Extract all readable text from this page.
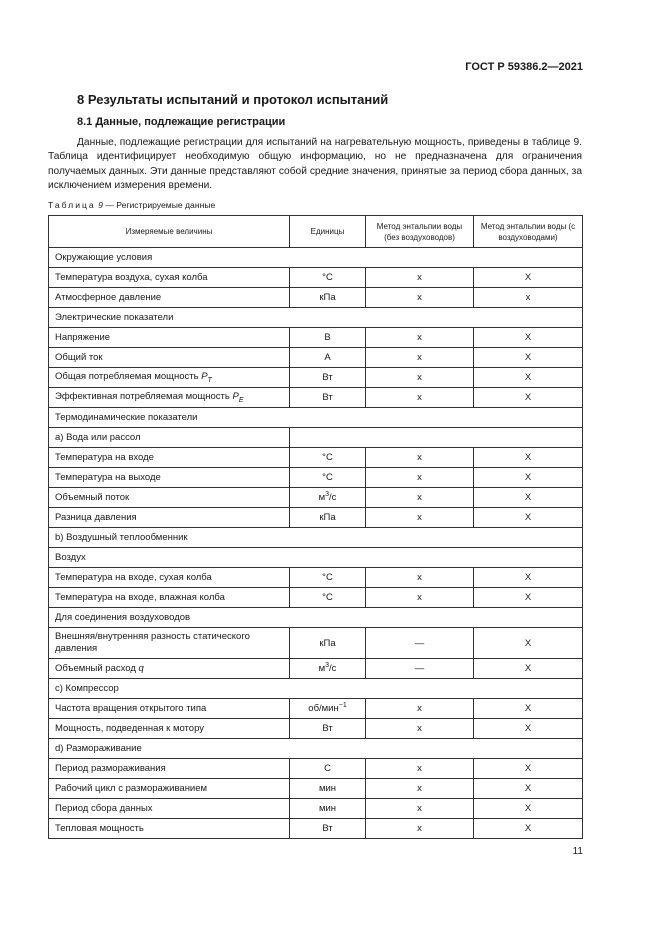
ГОСТ Р 59386.2—2021
8 Результаты испытаний и протокол испытаний
8.1 Данные, подлежащие регистрации

Данные, подлежащие регистрации для испытаний на нагревательную мощность, приведены в таблице 9. Таблица идентифицирует необходимую общую информацию, но не предназначена для ограничения получаемых данных. Эти данные представляют собой средние значения, принятые за период сбора данных, за исключением измерения времени.

Таблица 9 — Регистрируемые данные
Измеряемые величины	Единицы	Метод энтальпии воды (без воздуховодов)	Метод энтальпии воды (с воздуховодами)
Окружающие условия			
Температура воздуха, сухая колба	°C	x	X
Атмосферное давление	кПа	x	x
Электрические показатели			
Напряжение	В	x	X
Общий ток	А	x	X
Общая потребляемая мощность $P_T$	Вт	x	X
Эффективная потребляемая мощность $P_E$	Вт	x	X
Термодинамические показатели			
а) Вода или рассол			
Температура на входе	°C	x	X
Температура на выходе	°C	x	X
Объемный поток	$м^3/с$	x	X
Разница давления	кПа	x	X
b) Воздушный теплообменник			
Воздух			
Температура на входе, сухая колба	°C	x	X
Температура на входе, влажная колба	°C	x	X
Для соединения воздуховодов			
Внешняя/внутренняя разность статического давления	кПа	—	X
Объемный расход q	$м^3/с$	—	X
с) Компрессор			
Частота вращения открытого типа	об/мин$^{-1}$	x	X
Мощность, подведенная к мотору	Вт	x	X
d) Размораживание			
Период размораживания	С	x	X
Рабочий цикл с размораживанием	мин	x	X
Период сбора данных	мин	x	X
Тепловая мощность	Вт	x	X
11
